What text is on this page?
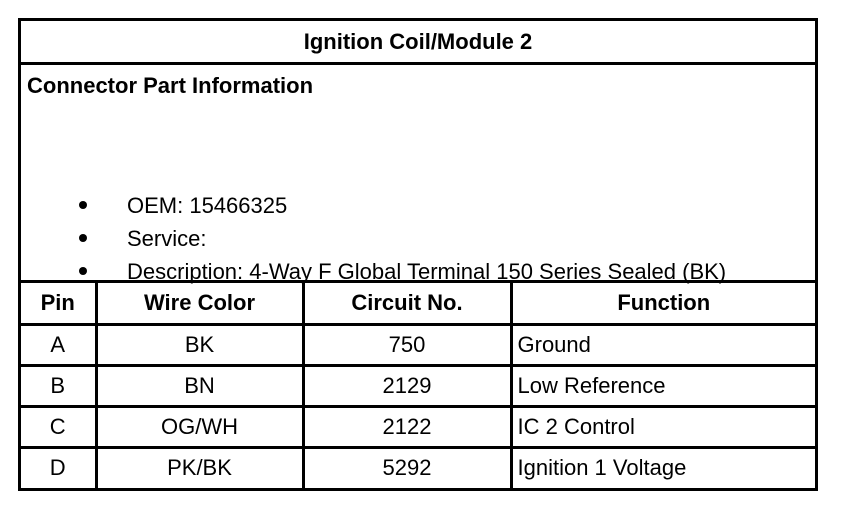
Ignition Coil/Module 2
Connector Part Information
OEM: 15466325
Service:
Description: 4-Way F Global Terminal 150 Series Sealed (BK)
Pin	Wire Color	Circuit No.	Function
A	BK	750	Ground
B	BN	2129	Low Reference
C	OG/WH	2122	IC 2 Control
D	PK/BK	5292	Ignition 1 Voltage
